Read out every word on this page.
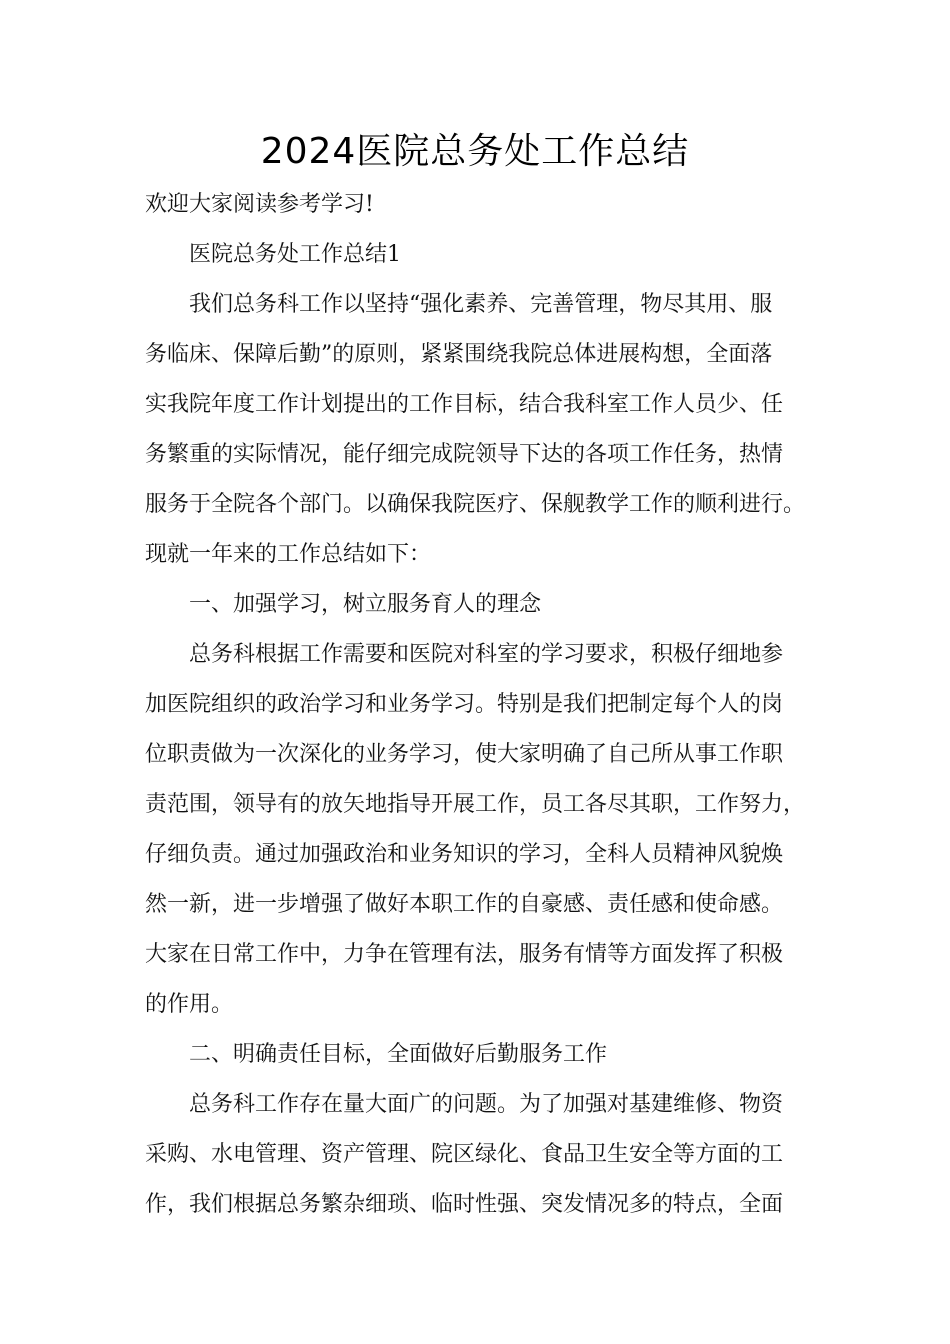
2024医院总务处工作总结
欢迎大家阅读参考学习!
医院总务处工作总结1
我们总务科工作以坚持“强化素养、完善管理，物尽其用、服
务临床、保障后勤”的原则，紧紧围绕我院总体进展构想，全面落
实我院年度工作计划提出的工作目标，结合我科室工作人员少、任
务繁重的实际情况，能仔细完成院领导下达的各项工作任务，热情
服务于全院各个部门。以确保我院医疗、保舰教学工作的顺利进行。
现就一年来的工作总结如下：
一、加强学习，树立服务育人的理念
总务科根据工作需要和医院对科室的学习要求，积极仔细地参
加医院组织的政治学习和业务学习。特别是我们把制定每个人的岗
位职责做为一次深化的业务学习，使大家明确了自己所从事工作职
责范围，领导有的放矢地指导开展工作，员工各尽其职，工作努力，
仔细负责。通过加强政治和业务知识的学习，全科人员精神风貌焕
然一新，进一步增强了做好本职工作的自豪感、责任感和使命感。
大家在日常工作中，力争在管理有法，服务有情等方面发挥了积极
的作用。
二、明确责任目标，全面做好后勤服务工作
总务科工作存在量大面广的问题。为了加强对基建维修、物资
采购、水电管理、资产管理、院区绿化、食品卫生安全等方面的工
作，我们根据总务繁杂细琐、临时性强、突发情况多的特点，全面
